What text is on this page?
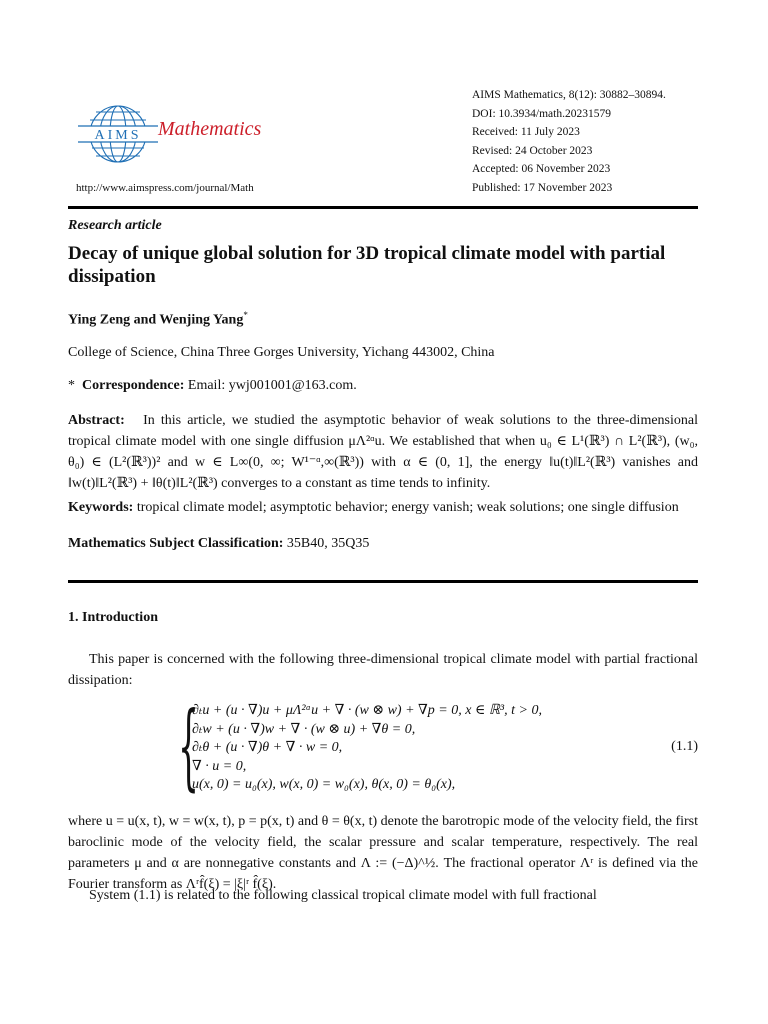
AIMS Mathematics
http://www.aimspress.com/journal/Math
AIMS Mathematics, 8(12): 30882–30894.
DOI: 10.3934/math.20231579
Received: 11 July 2023
Revised: 24 October 2023
Accepted: 06 November 2023
Published: 17 November 2023
Research article
Decay of unique global solution for 3D tropical climate model with partial dissipation
Ying Zeng and Wenjing Yang*
College of Science, China Three Gorges University, Yichang 443002, China
* Correspondence: Email: ywj001001@163.com.
Abstract: In this article, we studied the asymptotic behavior of weak solutions to the three-dimensional tropical climate model with one single diffusion μΛ²ᵅu. We established that when u₀ ∈ L¹(ℝ³) ∩ L²(ℝ³), (w₀, θ₀) ∈ (L²(ℝ³))² and w ∈ L∞(0, ∞; W¹⁻ᵅ,∞(ℝ³)) with α ∈ (0, 1], the energy ‖u(t)‖L²(ℝ³) vanishes and ‖w(t)‖L²(ℝ³) + ‖θ(t)‖L²(ℝ³) converges to a constant as time tends to infinity.
Keywords: tropical climate model; asymptotic behavior; energy vanish; weak solutions; one single diffusion
Mathematics Subject Classification: 35B40, 35Q35
1. Introduction
This paper is concerned with the following three-dimensional tropical climate model with partial fractional dissipation:
{
∂ₜu + (u · ∇)u + μΛ²ᵅu + ∇ · (w ⊗ w) + ∇p = 0, x ∈ ℝ³, t > 0,
∂ₜw + (u · ∇)w + ∇ · (w ⊗ u) + ∇θ = 0,
∂ₜθ + (u · ∇)θ + ∇ · w = 0,
∇ · u = 0,
u(x, 0) = u₀(x), w(x, 0) = w₀(x), θ(x, 0) = θ₀(x),
(1.1)
where u = u(x, t), w = w(x, t), p = p(x, t) and θ = θ(x, t) denote the barotropic mode of the velocity field, the first baroclinic mode of the velocity field, the scalar pressure and scalar temperature, respectively. The real parameters μ and α are nonnegative constants and Λ := (−Δ)^½. The fractional operator Λʳ is defined via the Fourier transform as Λʳf̂(ξ) = |ξ|ʳ f̂(ξ).
System (1.1) is related to the following classical tropical climate model with full fractional
